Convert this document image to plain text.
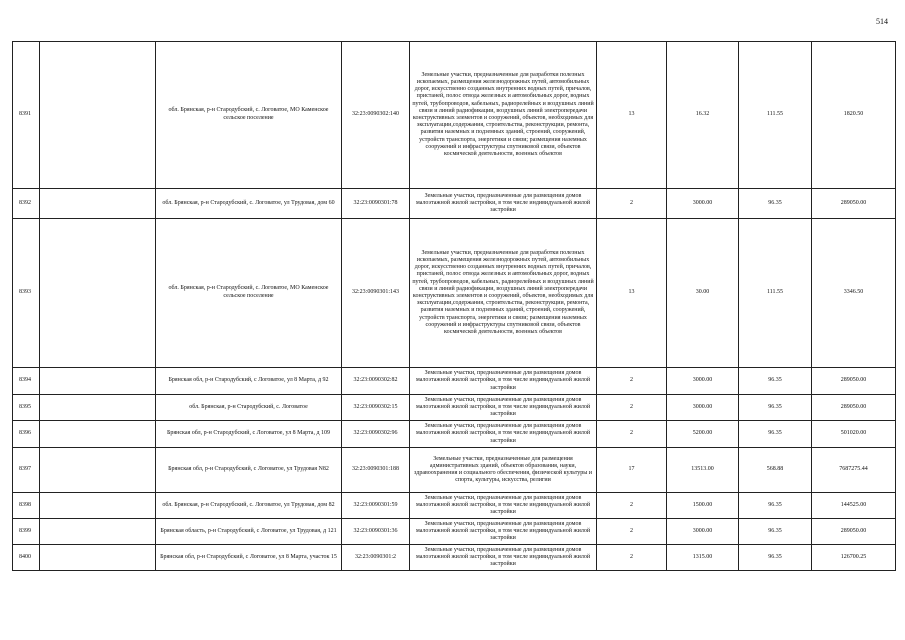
514
8391		обл. Брянская, р-н Стародубский, с. Логоватое, МО Каменское сельское поселение	32:23:0090302:140	Земельные участки, предназначенные для разработки полезных ископаемых, размещения железнодорожных путей, автомобильных дорог, искусственно созданных внутренних водных путей, причалов, пристаней, полос отвода железных и автомобильных дорог, водных путей, трубопроводов, кабельных, радиорелейных и воздушных линий связи и линий радиофикации, воздушных линий электропередачи конструктивных элементов и сооружений, объектов, необходимых для эксплуатации,содержания, строительства, реконструкции, ремонта, развития наземных и подземных зданий, строений, сооружений, устройств транспорта, энергетики и связи; размещения наземных сооружений и инфраструктуры спутниковой связи, объектов космической деятельности, военных объектов	13	16.32	111.55	1820.50
8392		обл. Брянская, р-н Стародубский, с. Логоватое, ул Трудовая, дом 60	32:23:0090301:78	Земельные участки, предназначенные для размещения домов малоэтажной жилой застройки, в том числе индивидуальной жилой застройки	2	3000.00	96.35	289050.00
8393		обл. Брянская, р-н Стародубский, с. Логоватое, МО Каменское сельское поселение	32:23:0090301:143	Земельные участки, предназначенные для разработки полезных ископаемых, размещения железнодорожных путей, автомобильных дорог, искусственно созданных внутренних водных путей, причалов, пристаней, полос отвода железных и автомобильных дорог, водных путей, трубопроводов, кабельных, радиорелейных и воздушных линий связи и линий радиофикации, воздушных линий электропередачи конструктивных элементов и сооружений, объектов, необходимых для эксплуатации,содержания, строительства, реконструкции, ремонта, развития наземных и подземных зданий, строений, сооружений, устройств транспорта, энергетики и связи; размещения наземных сооружений и инфраструктуры спутниковой связи, объектов космической деятельности, военных объектов	13	30.00	111.55	3346.50
8394		Брянская обл, р-н Стародубский, с Логоватое, ул 8 Марта, д 92	32:23:0090302:82	Земельные участки, предназначенные для размещения домов малоэтажной жилой застройки, в том числе индивидуальной жилой застройки	2	3000.00	96.35	289050.00
8395		обл. Брянская, р-н Стародубский, с. Логоватое	32:23:0090302:15	Земельные участки, предназначенные для размещения домов малоэтажной жилой застройки, в том числе индивидуальной жилой застройки	2	3000.00	96.35	289050.00
8396		Брянская обл, р-н Стародубский, с Логоватое, ул 8 Марта, д 109	32:23:0090302:96	Земельные участки, предназначенные для размещения домов малоэтажной жилой застройки, в том числе индивидуальной жилой застройки	2	5200.00	96.35	501020.00
8397		Брянская обл, р-н Стародубский, с Логоватое, ул Трудовая N82	32:23:0090301:188	Земельные участки, предназначенные для размещения административных зданий, объектов образования, науки, здравоохранения и социального обеспечения, физической культуры и спорта, культуры, искусства, религии	17	13513.00	568.88	7687275.44
8398		обл. Брянская, р-н Стародубский, с. Логоватое, ул Трудовая, дом 82	32:23:0090301:59	Земельные участки, предназначенные для размещения домов малоэтажной жилой застройки, в том числе индивидуальной жилой застройки	2	1500.00	96.35	144525.00
8399		Брянская область, р-н Стародубский, с Логоватое, ул Трудовая, д 121	32:23:0090301:36	Земельные участки, предназначенные для размещения домов малоэтажной жилой застройки, в том числе индивидуальной жилой застройки	2	3000.00	96.35	289050.00
8400		Брянская обл, р-н Стародубский, с Логоватое, ул 8 Марта, участок 15	32:23:0090301:2	Земельные участки, предназначенные для размещения домов малоэтажной жилой застройки, в том числе индивидуальной жилой застройки	2	1315.00	96.35	126700.25
